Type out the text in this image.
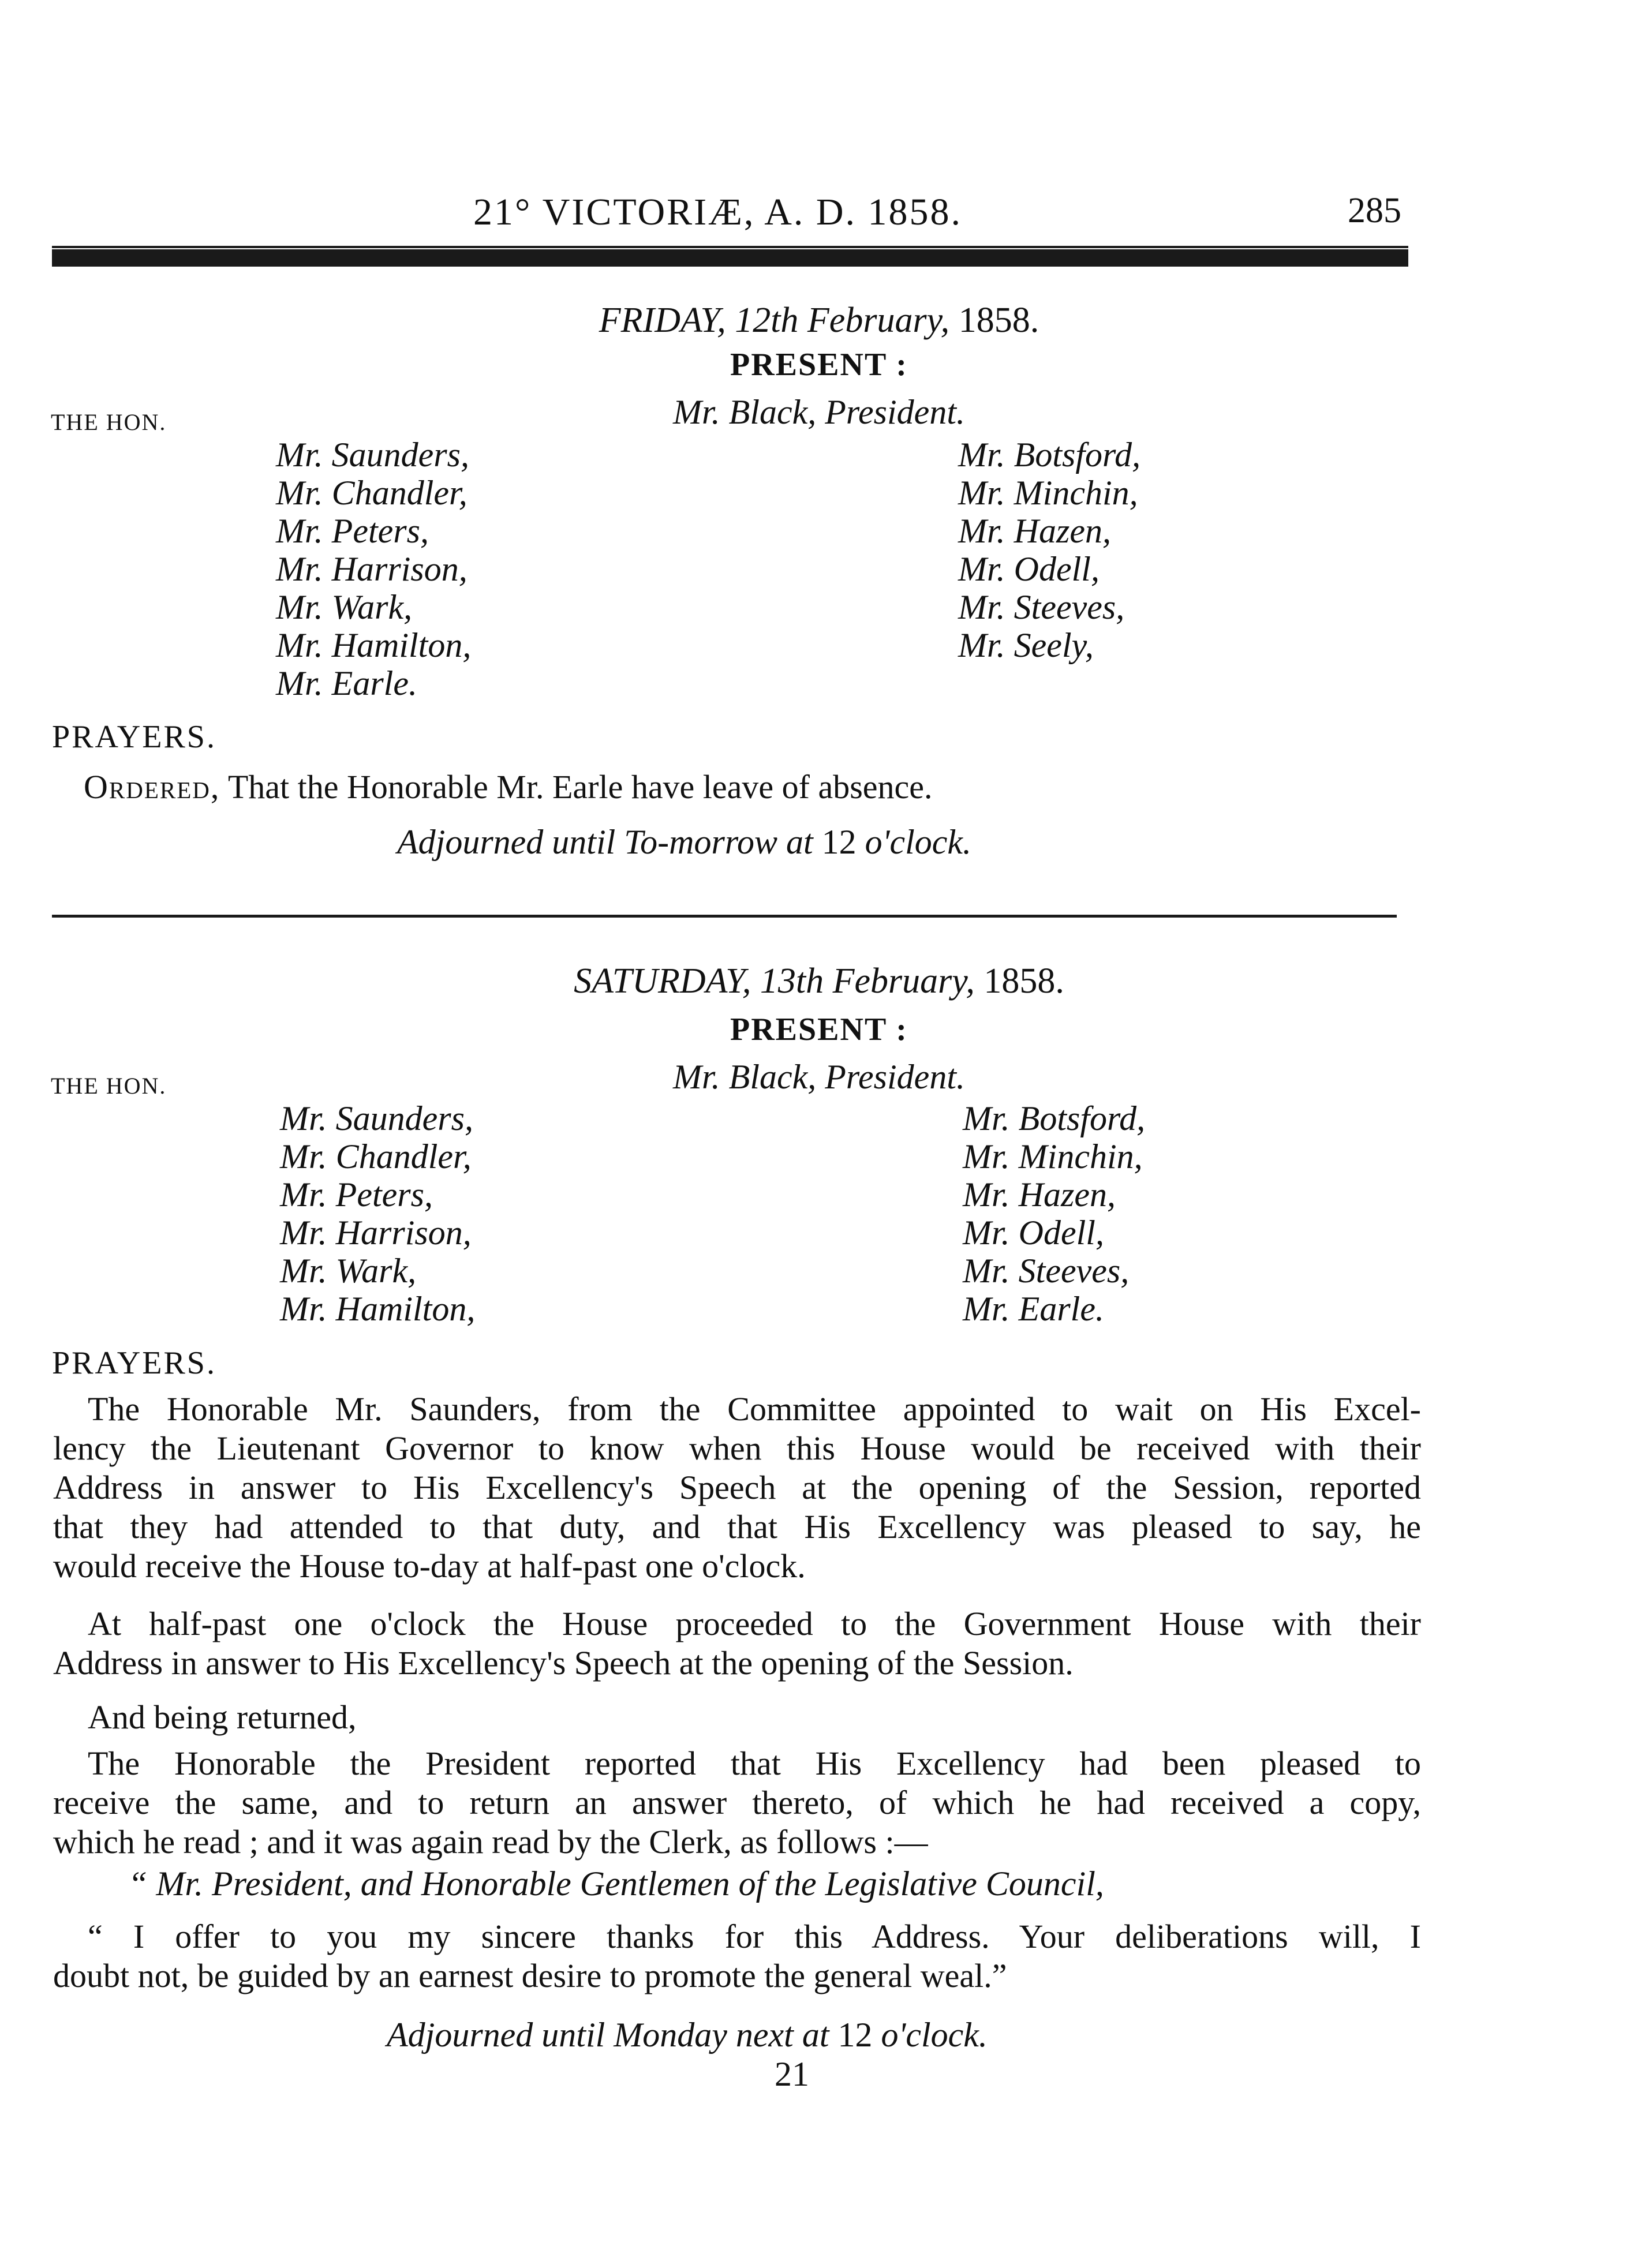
21° VICTORIÆ, A. D. 1858.	285
FRIDAY, 12th February, 1858.
PRESENT :
Mr. Black, President.
THE HON.
Mr. Saunders,
Mr. Chandler,
Mr. Peters,
Mr. Harrison,
Mr. Wark,
Mr. Hamilton,
Mr. Earle.
Mr. Botsford,
Mr. Minchin,
Mr. Hazen,
Mr. Odell,
Mr. Steeves,
Mr. Seely,
PRAYERS.
Ordered, That the Honorable Mr. Earle have leave of absence.
Adjourned until To-morrow at 12 o'clock.
SATURDAY, 13th February, 1858.
PRESENT :
Mr. Black, President.
THE HON.
Mr. Saunders,
Mr. Chandler,
Mr. Peters,
Mr. Harrison,
Mr. Wark,
Mr. Hamilton,
Mr. Botsford,
Mr. Minchin,
Mr. Hazen,
Mr. Odell,
Mr. Steeves,
Mr. Earle.
PRAYERS.
The Honorable Mr. Saunders, from the Committee appointed to wait on His Excel-
lency the Lieutenant Governor to know when this House would be received with their
Address in answer to His Excellency's Speech at the opening of the Session, reported
that they had attended to that duty, and that His Excellency was pleased to say, he
would receive the House to-day at half-past one o'clock.
At half-past one o'clock the House proceeded to the Government House with their
Address in answer to His Excellency's Speech at the opening of the Session.
And being returned,
The Honorable the President reported that His Excellency had been pleased to
receive the same, and to return an answer thereto, of which he had received a copy,
which he read ; and it was again read by the Clerk, as follows :—
“ Mr. President, and Honorable Gentlemen of the Legislative Council,
“ I offer to you my sincere thanks for this Address. Your deliberations will, I
doubt not, be guided by an earnest desire to promote the general weal.”
Adjourned until Monday next at 12 o'clock.
21
